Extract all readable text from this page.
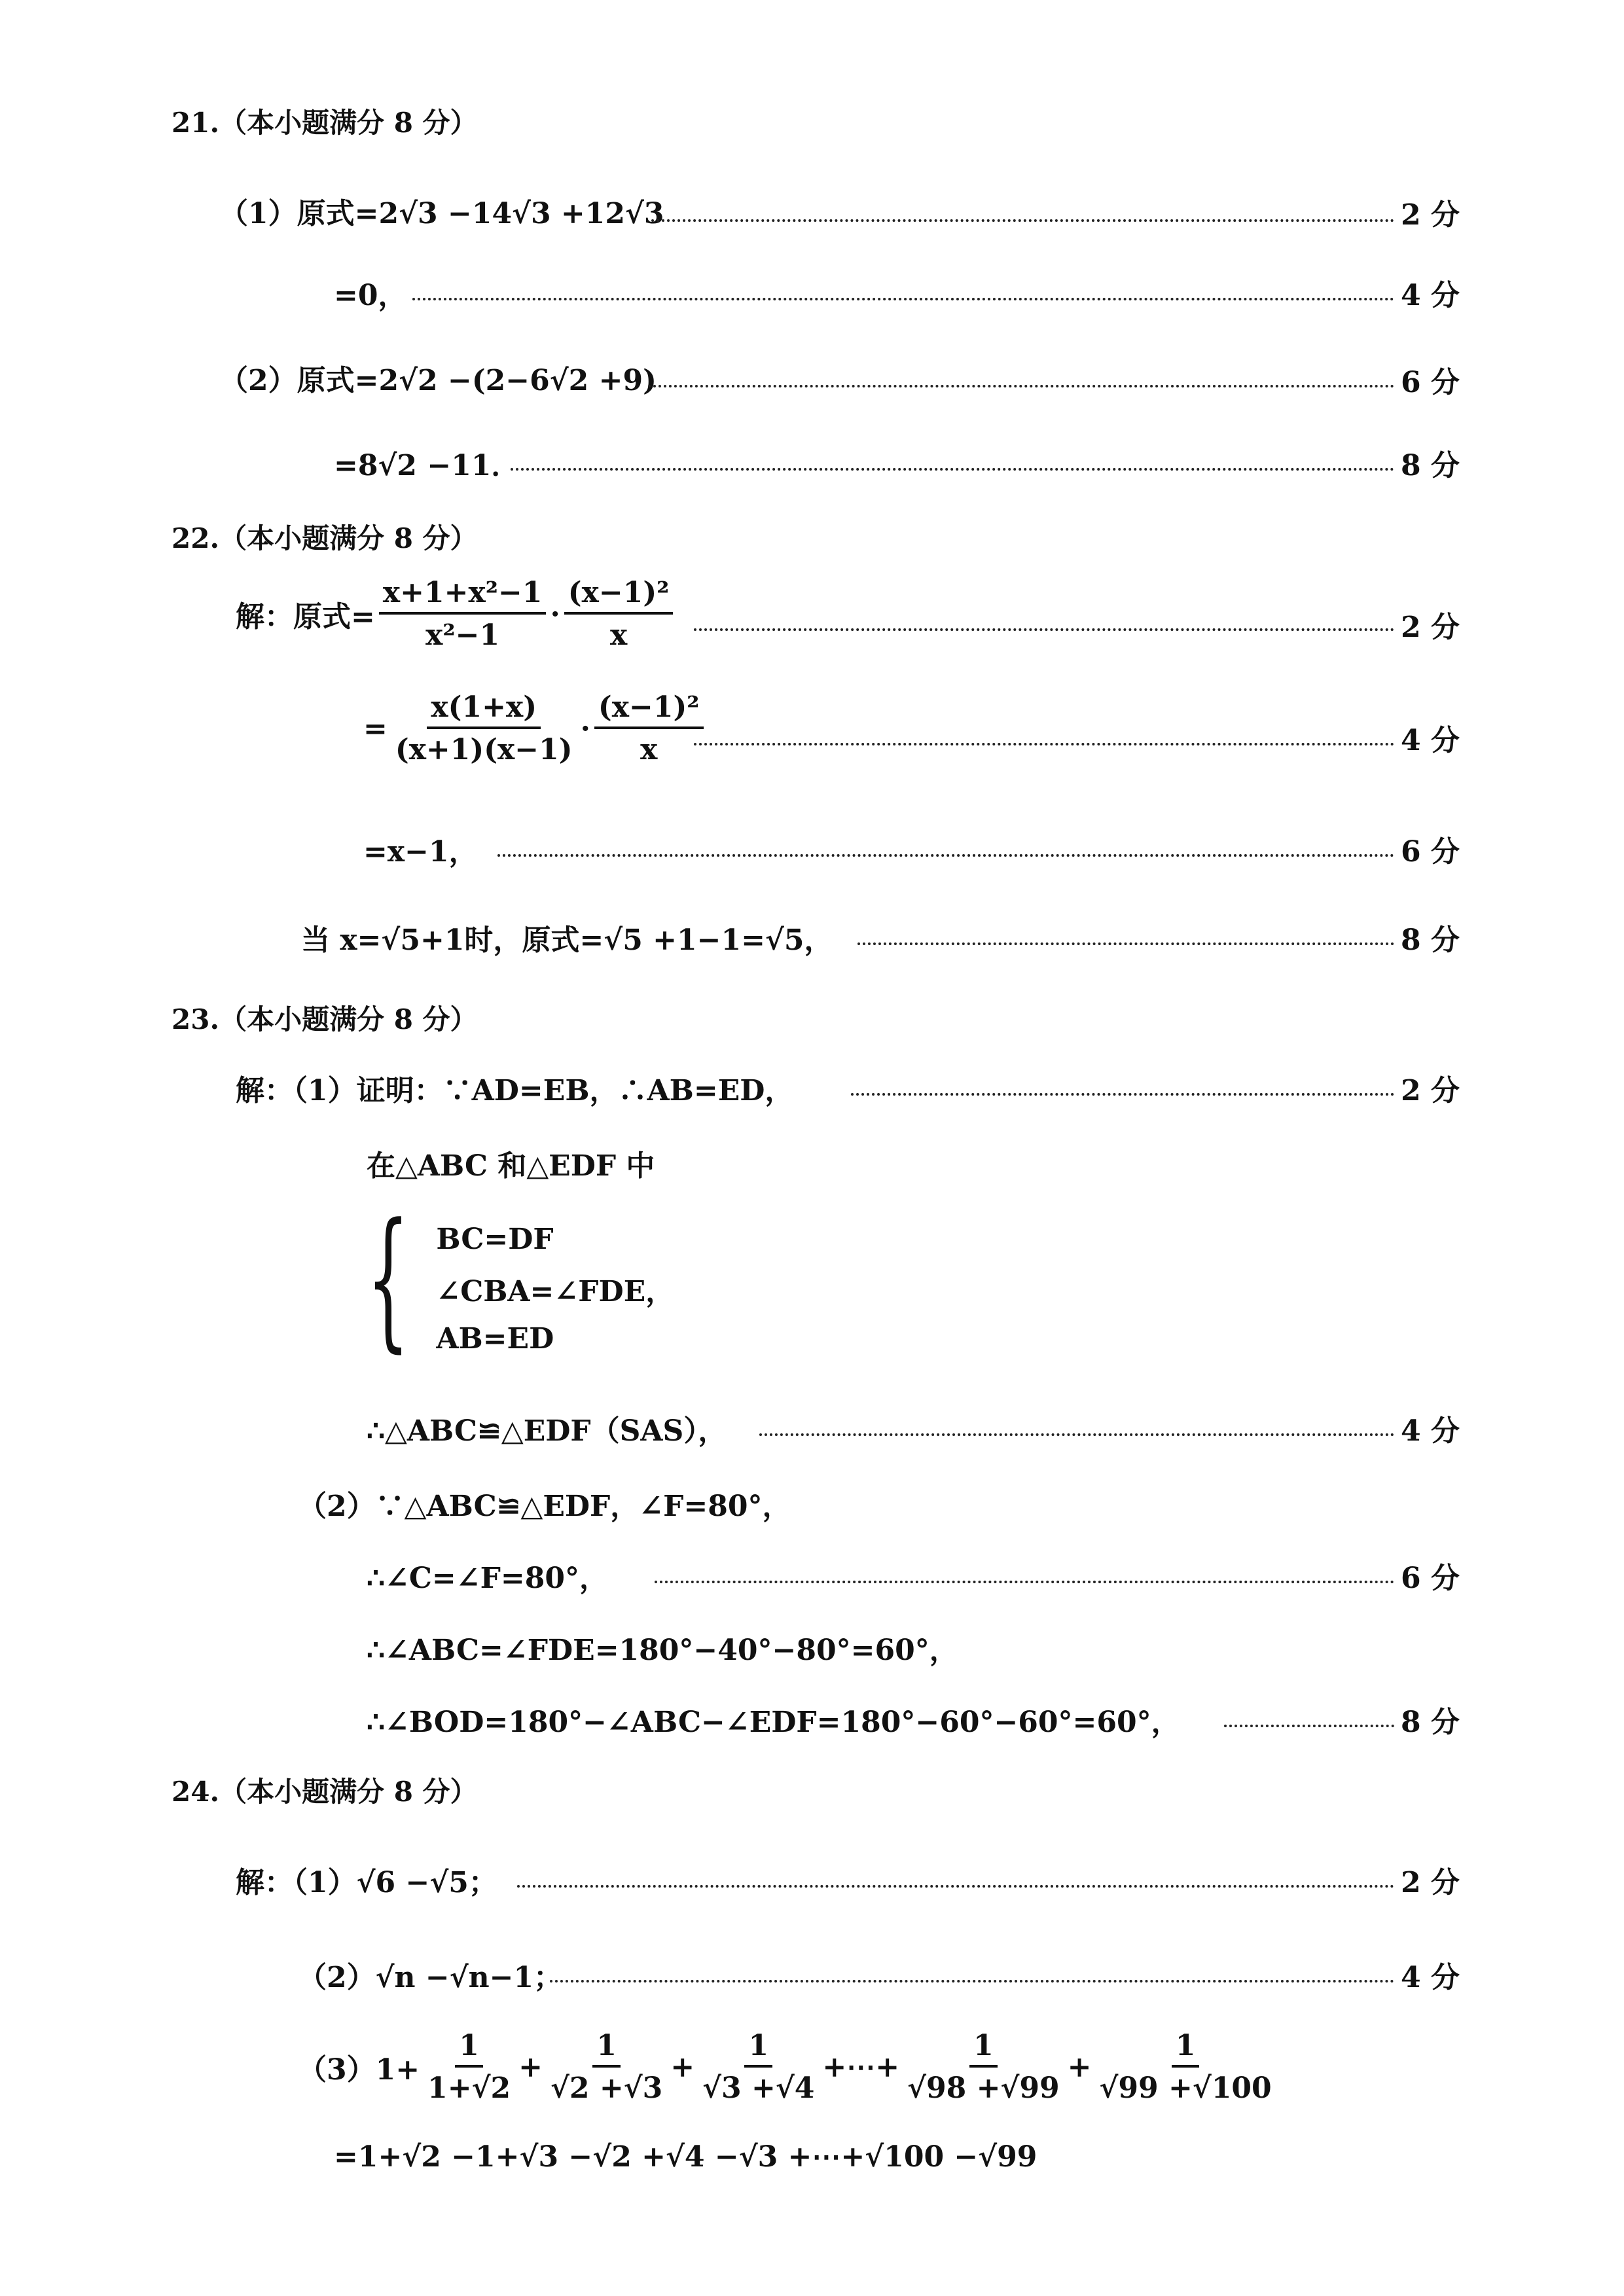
21.（本小题满分 8 分）
（1） 原式=2√3 −14√3 +12√3	2 分
=0，	4 分
（2） 原式=2√2 −(2−6√2 +9)	6 分
=8√2 −11．	8 分
22.（本小题满分 8 分）
解：原式= $\frac{\text{x+1+x²−1}}{\text{x²−1}} \cdot \frac{\text{(x−1)²}}{x}$	2 分
= $\frac{x(1+x)}{(x+1)(x-1)} \cdot \frac{\text{(x−1)²}}{x}$	4 分
=x−1，	6 分
当 x=√5+1时，原式=√5 +1−1=√5，	8 分
23.（本小题满分 8 分）
解：（1）证明：∵AD=EB，∴AB=ED，	2 分
在△ABC 和△EDF 中
{ BC=DF
∠CBA=∠FDE，
AB=ED
∴△ABC≌△EDF（SAS），	4 分
（2）∵△ABC≌△EDF，∠F=80°，
∴∠C=∠F=80°，	6 分
∴∠ABC=∠FDE=180°−40°−80°=60°，
∴∠BOD=180°−∠ABC−∠EDF=180°−60°−60°=60°，	8 分
24.（本小题满分 8 分）
解：（1）√6 −√5；	2 分
（2）√n −√n−1；	4 分
$(3)1+ \frac{1}{1+√2} + \frac{1}{√2 +√3} + \frac{1}{√3 +√4}$ +⋯+ $\frac{1}{√98 +√99} + \frac{1}{√99 +√100}$
=1+√2 −1+√3 −√2 +√4 −√3 +⋯+√100 −√99
